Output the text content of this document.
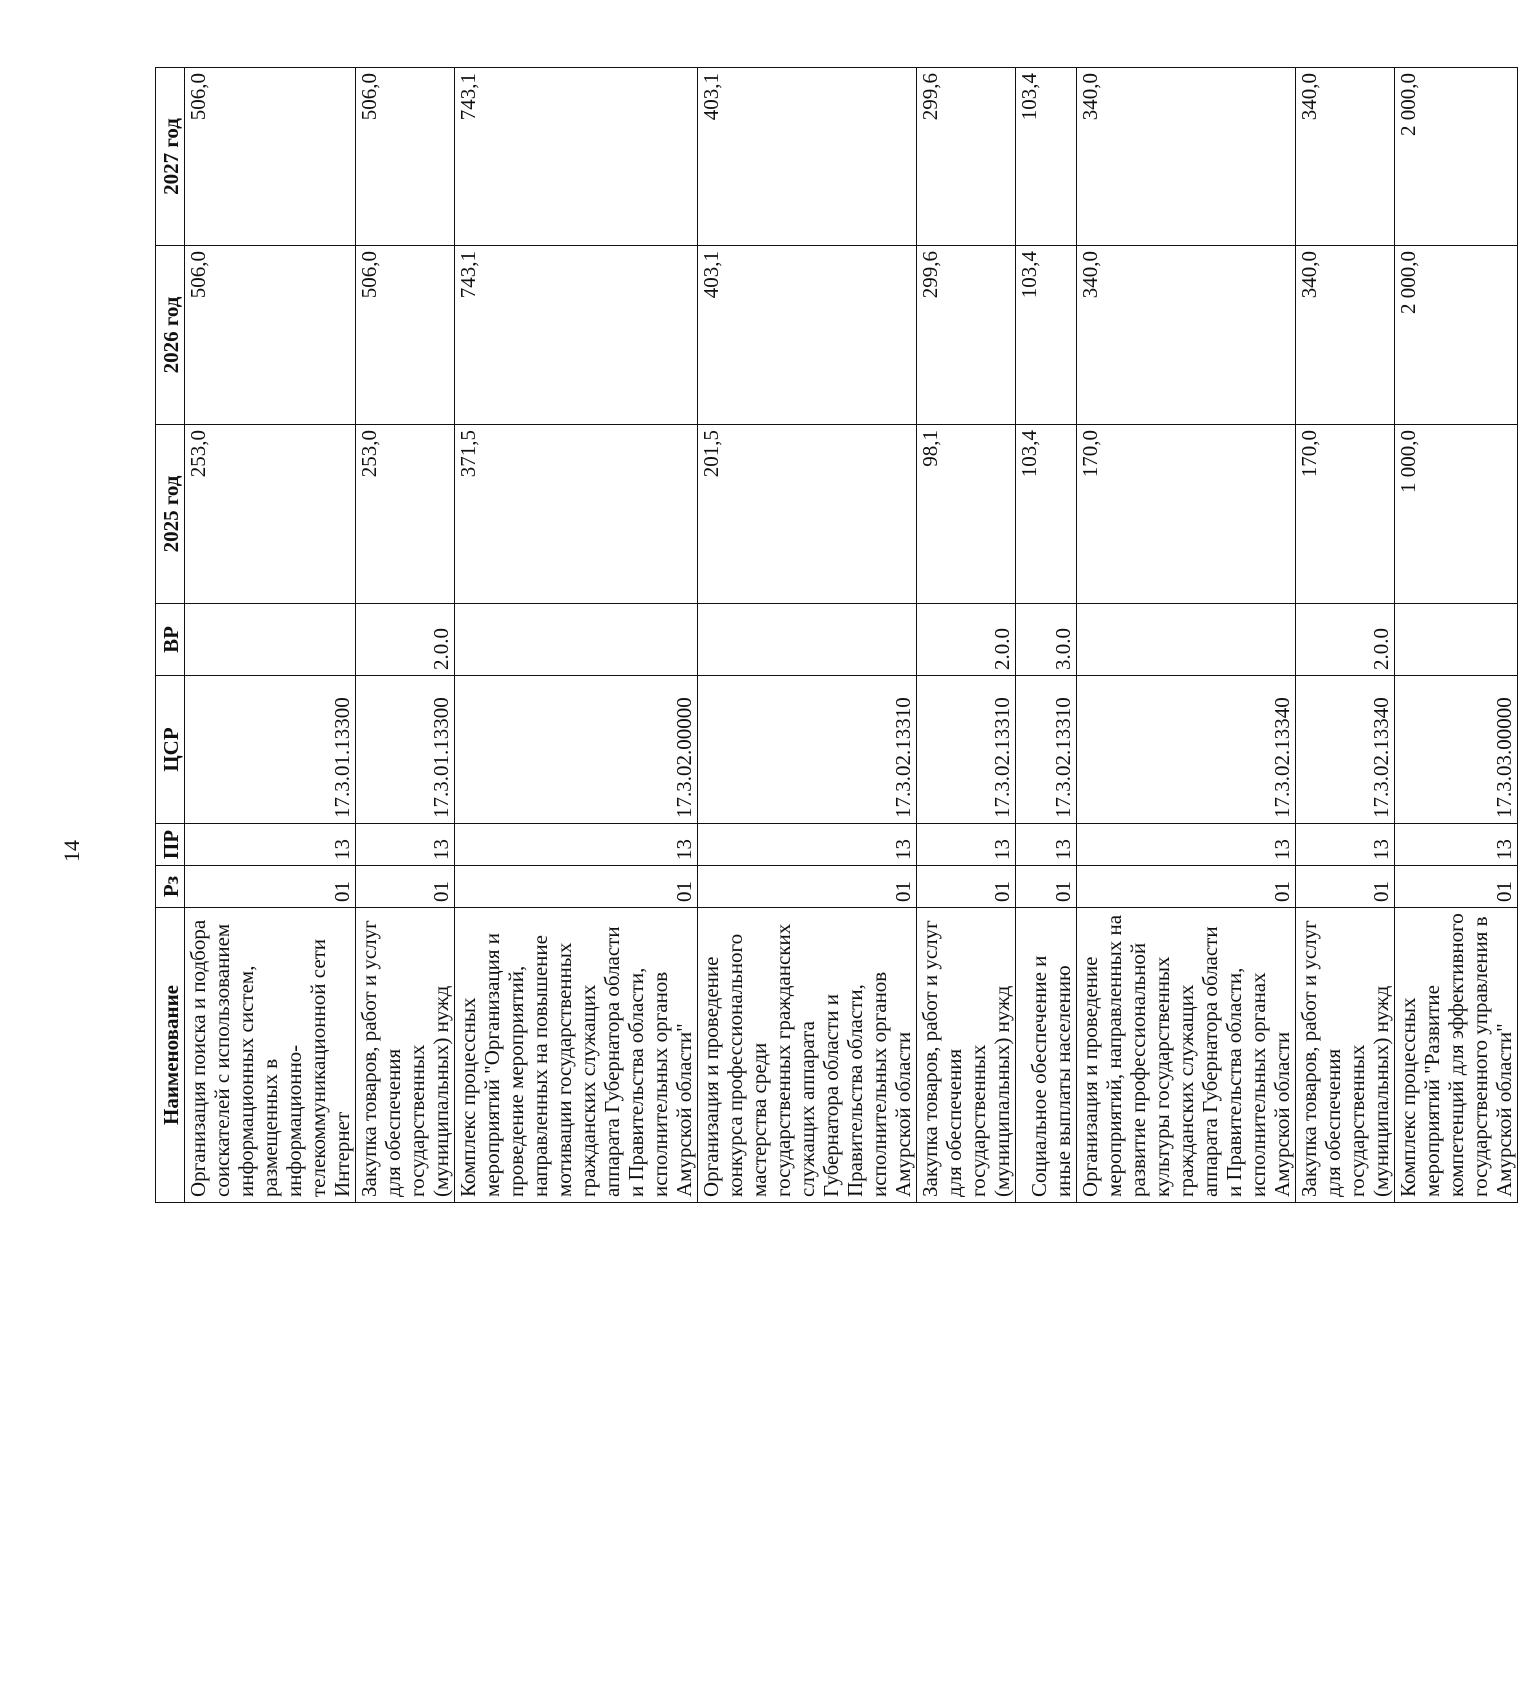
14
Наименование	Рз	ПР	ЦСР	ВР	2025 год	2026 год	2027 год
Организация поиска и подбора соискателей с использованием информационных систем, размещенных в информационно-телекоммуникационной сети Интернет	01	13	17.3.01.13300		253,0	506,0	506,0
Закупка товаров, работ и услуг для обеспечения государственных (муниципальных) нужд	01	13	17.3.01.13300	2.0.0	253,0	506,0	506,0
Комплекс процессных мероприятий "Организация и проведение мероприятий, направленных на повышение мотивации государственных гражданских служащих аппарата Губернатора области и Правительства области, исполнительных органов Амурской области"	01	13	17.3.02.00000		371,5	743,1	743,1
Организация и проведение конкурса профессионального мастерства среди государственных гражданских служащих аппарата Губернатора области и Правительства области, исполнительных органов Амурской области	01	13	17.3.02.13310		201,5	403,1	403,1
Закупка товаров, работ и услуг для обеспечения государственных (муниципальных) нужд	01	13	17.3.02.13310	2.0.0	98,1	299,6	299,6
Социальное обеспечение и иные выплаты населению	01	13	17.3.02.13310	3.0.0	103,4	103,4	103,4
Организация и проведение мероприятий, направленных на развитие профессиональной культуры государственных гражданских служащих аппарата Губернатора области и Правительства области, исполнительных органах Амурской области	01	13	17.3.02.13340		170,0	340,0	340,0
Закупка товаров, работ и услуг для обеспечения государственных (муниципальных) нужд	01	13	17.3.02.13340	2.0.0	170,0	340,0	340,0
Комплекс процессных мероприятий "Развитие компетенций для эффективного государственного управления в Амурской области"	01	13	17.3.03.00000		1 000,0	2 000,0	2 000,0
